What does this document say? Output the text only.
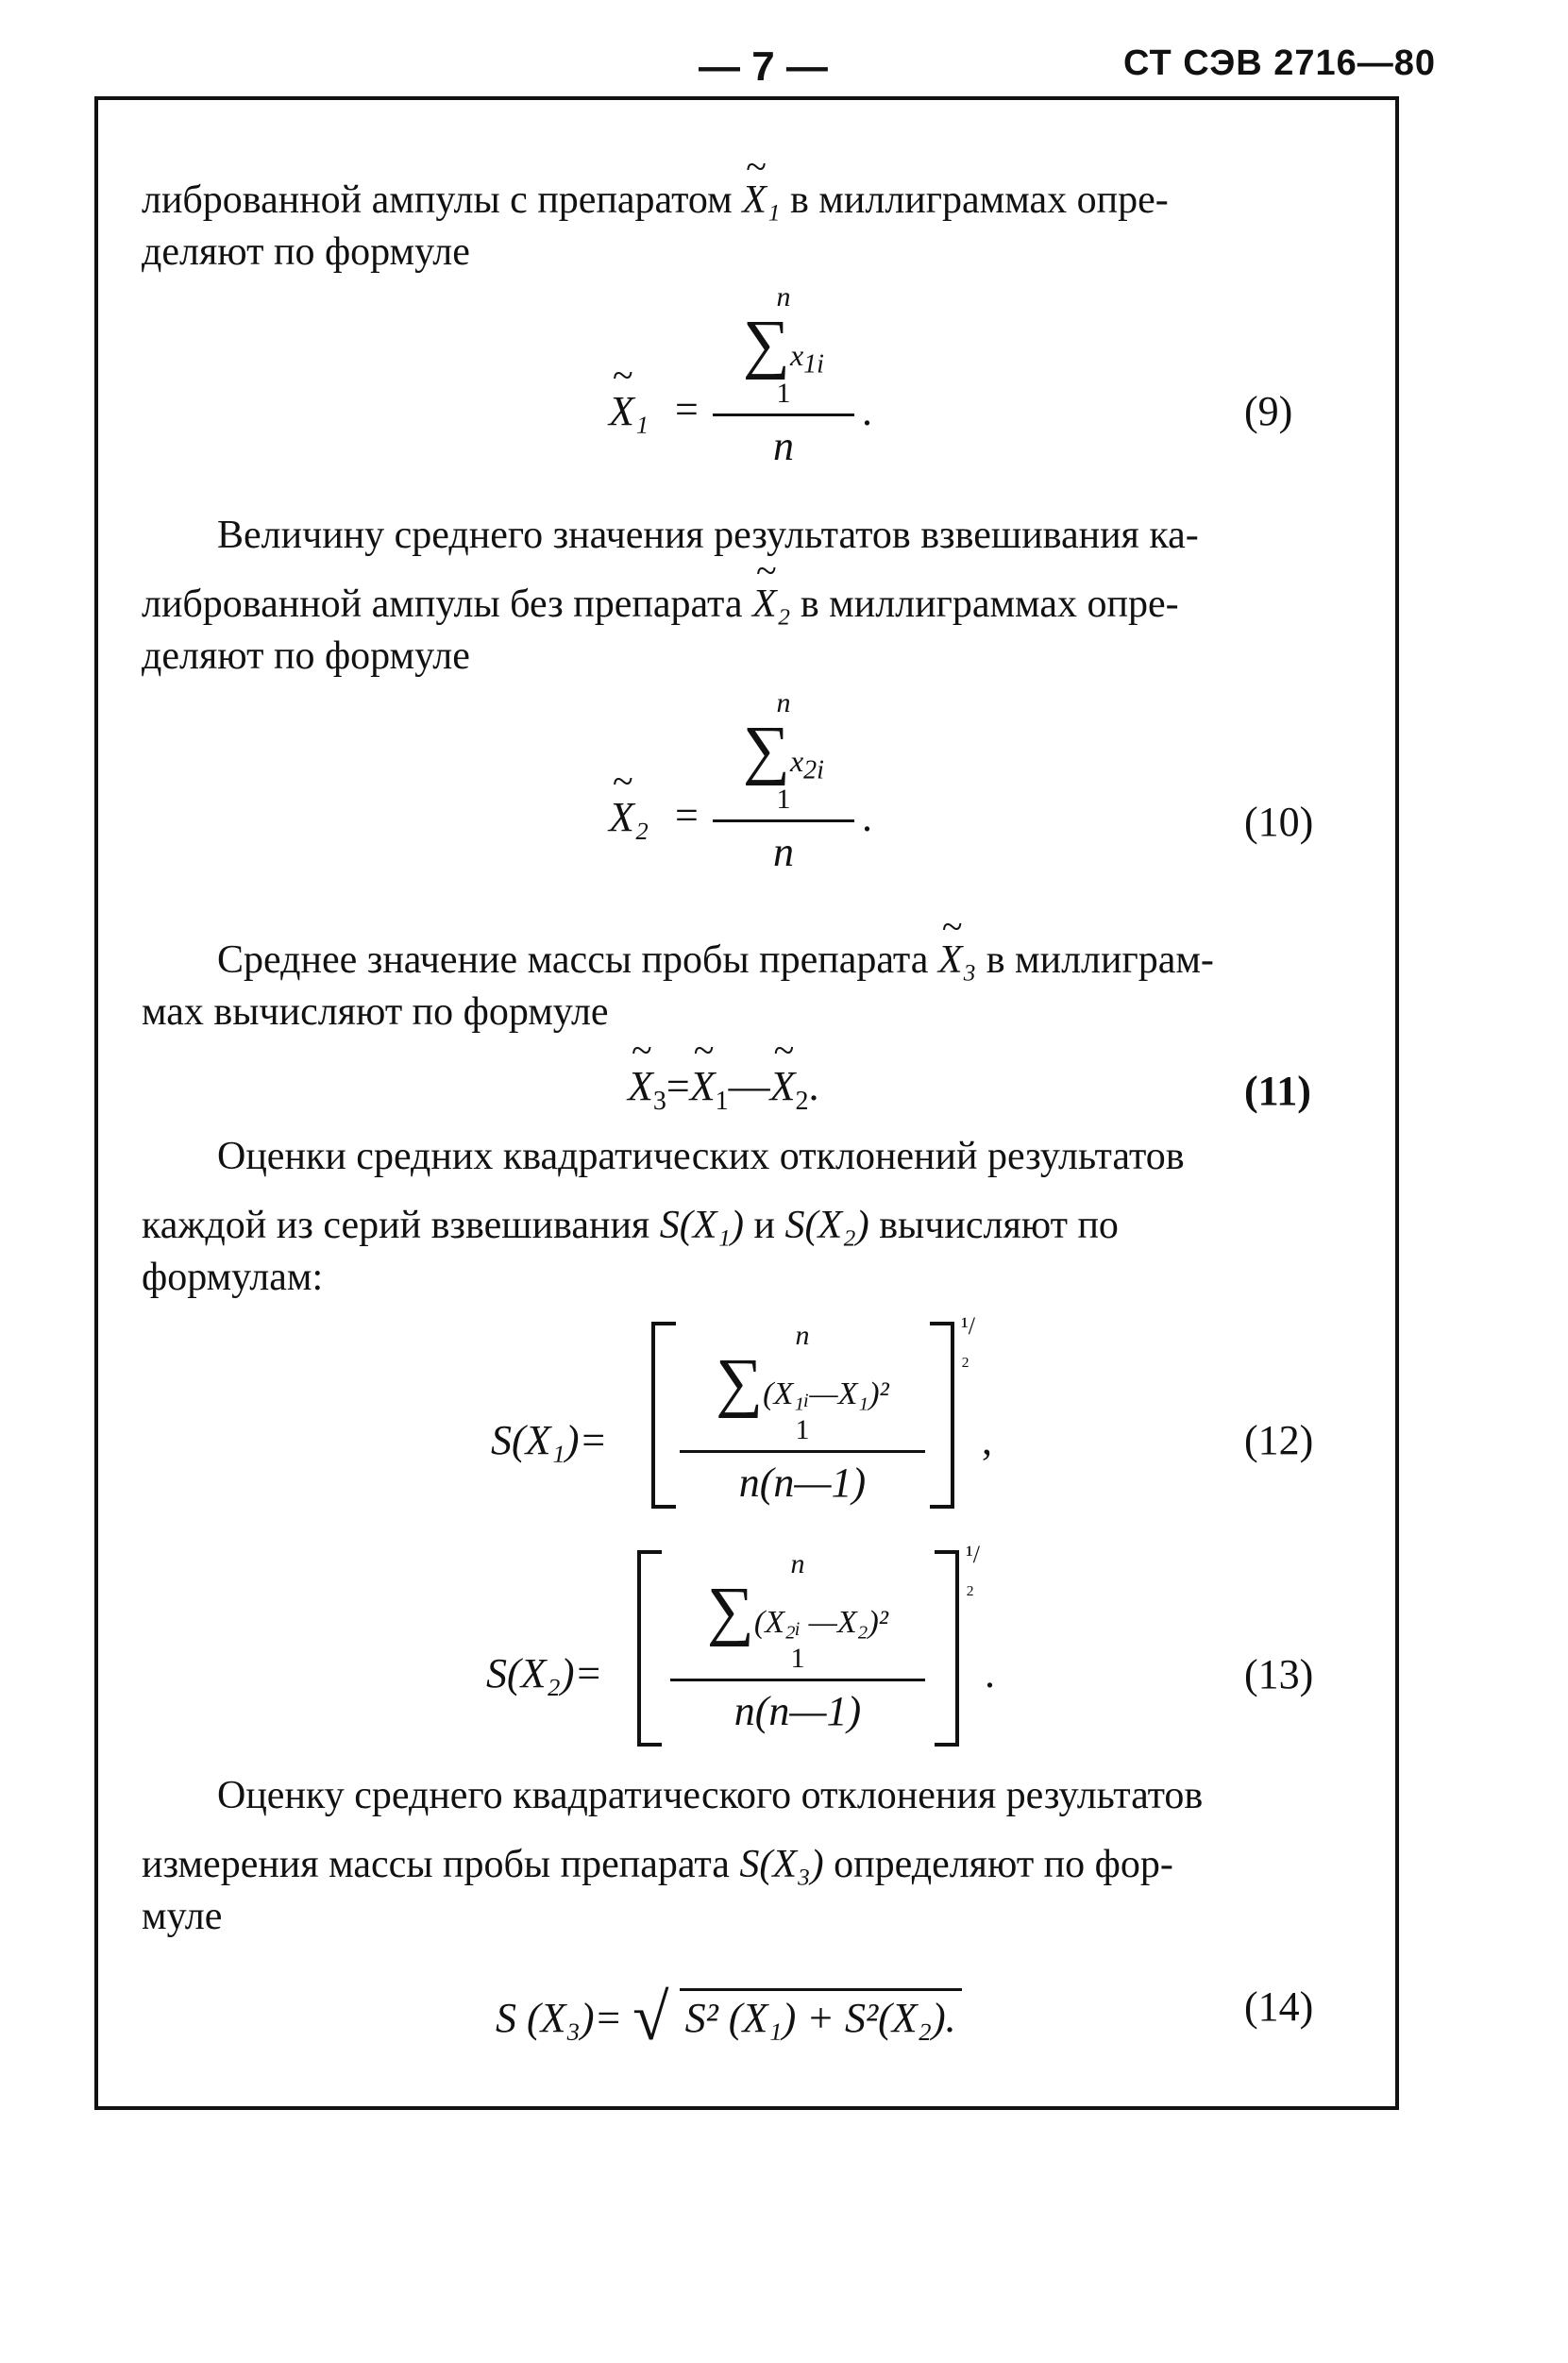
— 7 —	СТ СЭВ 2716—80
либрованной ампулы с препаратом ~ X₁ в миллиграммах опре-
деляют по формуле
~ X₁ =
n
$\sum x_{1i}$
1
n
.	(9)
Величину среднего значения результатов взвешивания ка-
либрованной ампулы без препарата ~ X₂ в миллиграммах опре-
деляют по формуле
~ X₂ =
n
$\sum x_{2i}$
1
n
.	(10)
Среднее значение массы пробы препарата ~ X₃ в миллиграм-
мах вычисляют по формуле
~ $X_3=\sim$ $X_1—\sim$ $X_2$.	(11)
Оценки средних квадратических отклонений результатов
каждой из серий взвешивания S(X₁) и S(X₂) вычисляют по
формулам:
S(X₁)=
n
∑(X₁ᵢ—X₁)²
1
n(n—1)
¹/₂
,	(12)
S(X₂)=
n
∑(X₂ᵢ —X₂)²
1
n(n—1)
¹/₂
.	(13)
Оценку среднего квадратического отклонения результатов
измерения массы пробы препарата S(X₃) определяют по фор-
муле
S (X₃)= √ S² (X₁) + S²(X₂).	(14)
